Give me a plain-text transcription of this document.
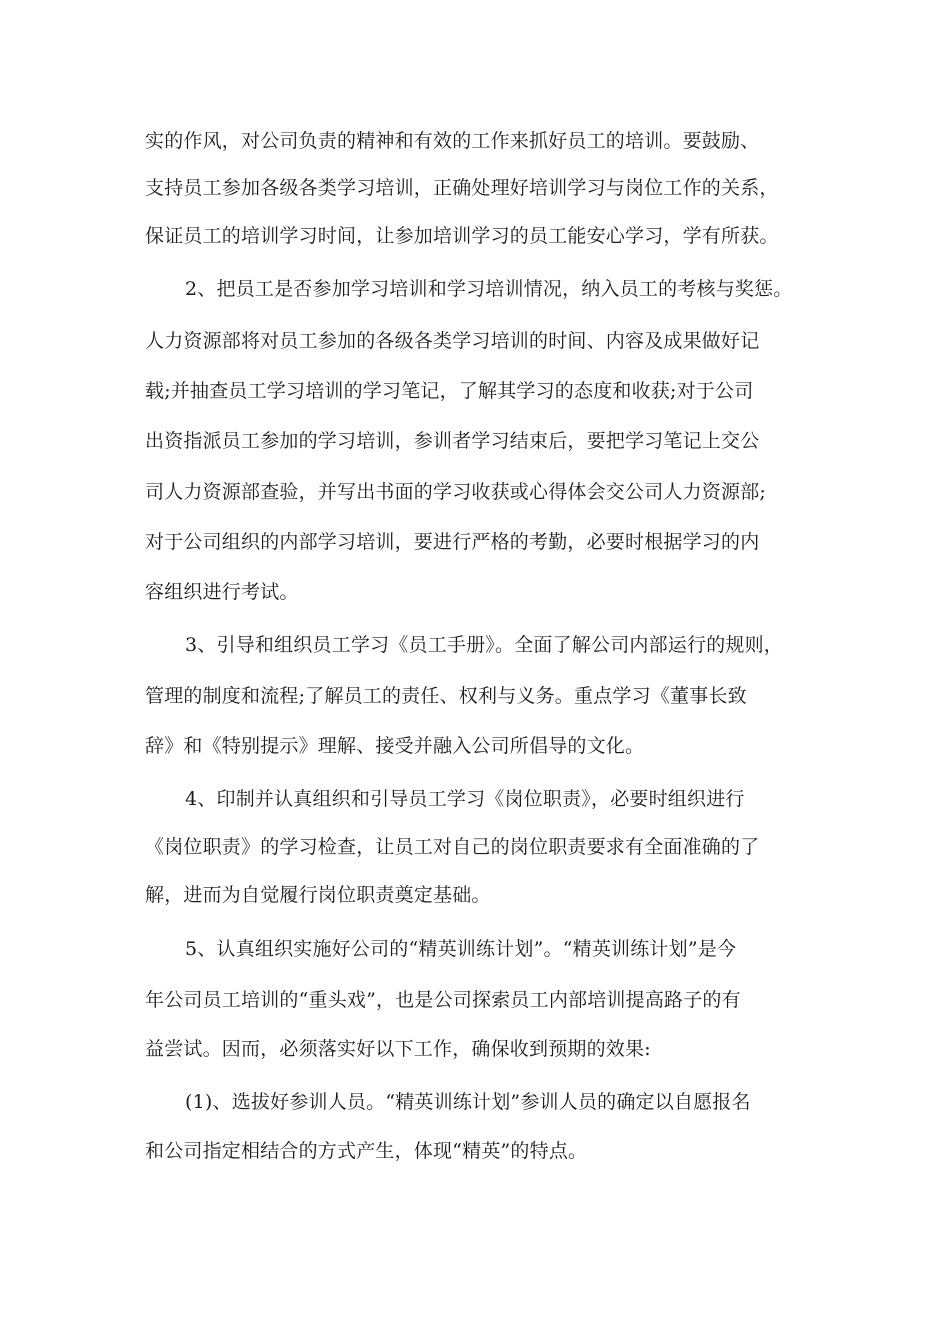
实的作风，对公司负责的精神和有效的工作来抓好员工的培训。要鼓励、

支持员工参加各级各类学习培训，正确处理好培训学习与岗位工作的关系，

保证员工的培训学习时间，让参加培训学习的员工能安心学习，学有所获。

2、把员工是否参加学习培训和学习培训情况，纳入员工的考核与奖惩。

人力资源部将对员工参加的各级各类学习培训的时间、内容及成果做好记

载;并抽查员工学习培训的学习笔记，了解其学习的态度和收获;对于公司

出资指派员工参加的学习培训，参训者学习结束后，要把学习笔记上交公

司人力资源部查验，并写出书面的学习收获或心得体会交公司人力资源部;

对于公司组织的内部学习培训，要进行严格的考勤，必要时根据学习的内

容组织进行考试。

3、引导和组织员工学习《员工手册》。全面了解公司内部运行的规则，

管理的制度和流程;了解员工的责任、权利与义务。重点学习《董事长致

辞》和《特别提示》理解、接受并融入公司所倡导的文化。

4、印制并认真组织和引导员工学习《岗位职责》，必要时组织进行

《岗位职责》的学习检查，让员工对自己的岗位职责要求有全面准确的了

解，进而为自觉履行岗位职责奠定基础。

5、认真组织实施好公司的“精英训练计划”。“精英训练计划”是今

年公司员工培训的“重头戏”，也是公司探索员工内部培训提高路子的有

益尝试。因而，必须落实好以下工作，确保收到预期的效果:

(1)、选拔好参训人员。“精英训练计划”参训人员的确定以自愿报名

和公司指定相结合的方式产生，体现“精英”的特点。
